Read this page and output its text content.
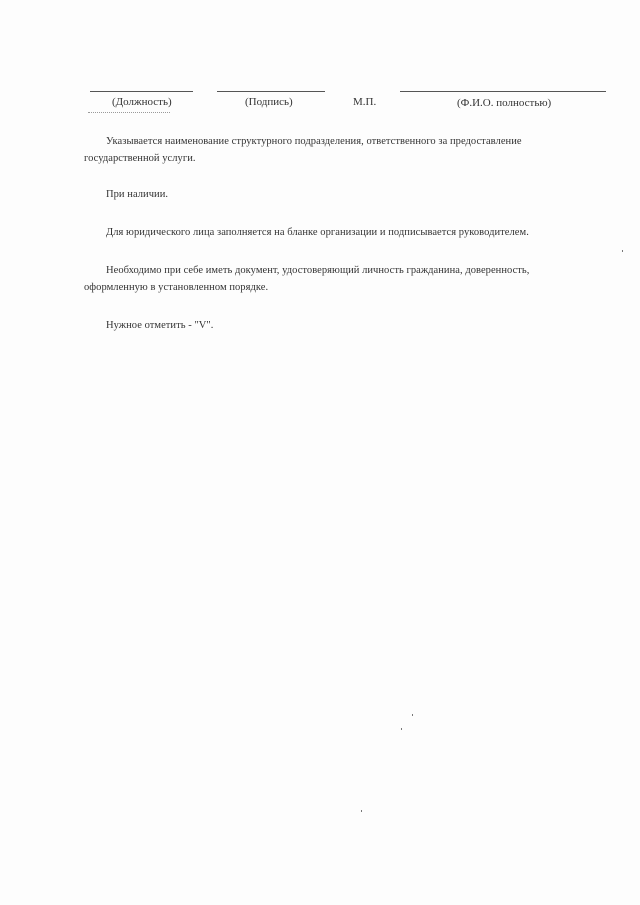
(Должность)	(Подпись)	М.П.	(Ф.И.О. полностью)
Указывается наименование структурного подразделения, ответственного за предоставление государственной услуги.
При наличии.
Для юридического лица заполняется на бланке организации и подписывается руководителем.
Необходимо при себе иметь документ, удостоверяющий личность гражданина, доверенность, оформленную в установленном порядке.
Нужное отметить - "V".
